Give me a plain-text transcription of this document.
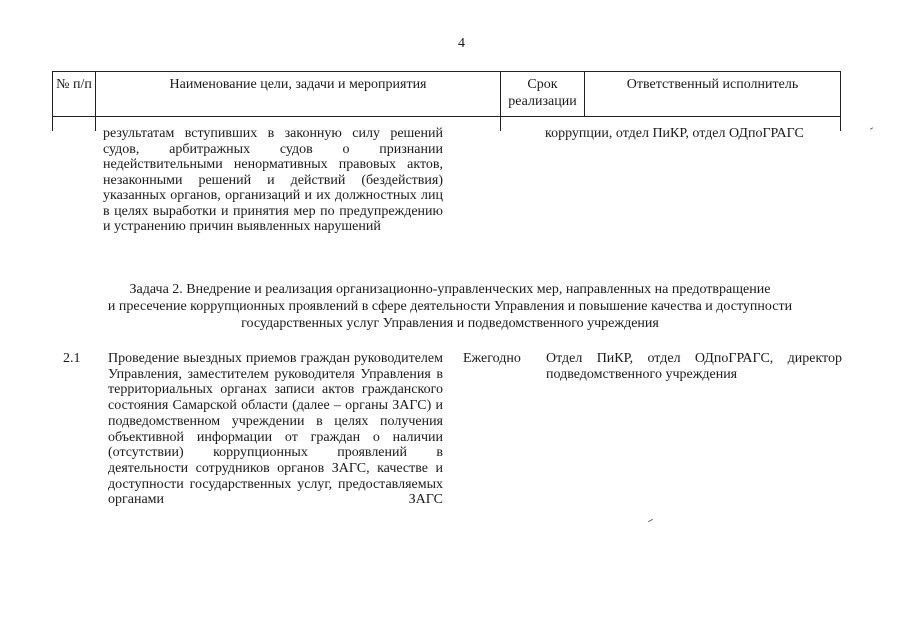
4
№ п/п	Наименование цели, задачи и мероприятия	Срок реализации
Ответственный исполнитель
результатам вступивших в законную силу решений судов, арбитражных судов о признании недействительными ненормативных правовых актов, незаконными решений и действий (бездействия) указанных органов, организаций и их должностных лиц в целях выработки и принятия мер по предупреждению и устранению причин выявленных нарушений
коррупции, отдел ПиКР, отдел ОДпоГРАГС
Задача 2. Внедрение и реализация организационно-управленческих мер, направленных на предотвращение
и пресечение коррупционных проявлений в сфере деятельности Управления и повышение качества и доступности
государственных услуг Управления и подведомственного учреждения
2.1 Проведение выездных приемов граждан руководителем Управления, заместителем руководителя Управления в территориальных органах записи актов гражданского состояния Самарской области (далее – органы ЗАГС) и подведомственном учреждении в целях получения объективной информации от граждан о наличии (отсутствии) коррупционных проявлений в деятельности сотрудников органов ЗАГС, качестве и доступности государственных услуг, предоставляемых органами ЗАГС
Ежегодно Отдел ПиКР, отдел ОДпоГРАГС, директор подведомственного учреждения
